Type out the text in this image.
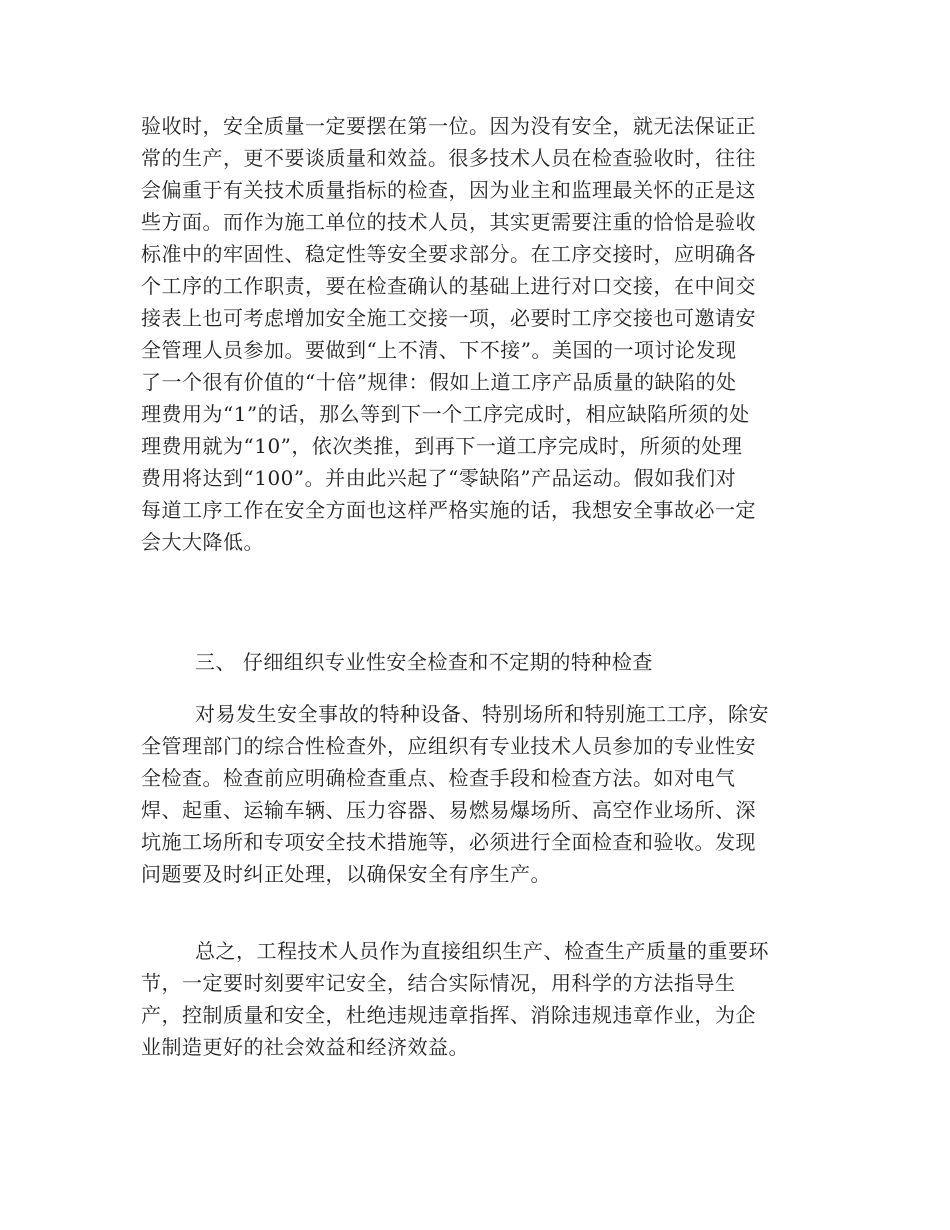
验收时，安全质量一定要摆在第一位。因为没有安全，就无法保证正
常的生产，更不要谈质量和效益。很多技术人员在检查验收时，往往
会偏重于有关技术质量指标的检查，因为业主和监理最关怀的正是这
些方面。而作为施工单位的技术人员，其实更需要注重的恰恰是验收
标准中的牢固性、稳定性等安全要求部分。在工序交接时，应明确各
个工序的工作职责，要在检查确认的基础上进行对口交接，在中间交
接表上也可考虑增加安全施工交接一项，必要时工序交接也可邀请安
全管理人员参加。要做到“上不清、下不接”。美国的一项讨论发现
了一个很有价值的“十倍”规律：假如上道工序产品质量的缺陷的处
理费用为“1”的话，那么等到下一个工序完成时，相应缺陷所须的处
理费用就为“10”，依次类推，到再下一道工序完成时，所须的处理
费用将达到“100”。并由此兴起了“零缺陷”产品运动。假如我们对
每道工序工作在安全方面也这样严格实施的话，我想安全事故必一定
会大大降低。
三、 仔细组织专业性安全检查和不定期的特种检查
对易发生安全事故的特种设备、特别场所和特别施工工序，除安
全管理部门的综合性检查外，应组织有专业技术人员参加的专业性安
全检查。检查前应明确检查重点、检查手段和检查方法。如对电气
焊、起重、运输车辆、压力容器、易燃易爆场所、高空作业场所、深
坑施工场所和专项安全技术措施等，必须进行全面检查和验收。发现
问题要及时纠正处理，以确保安全有序生产。
总之，工程技术人员作为直接组织生产、检查生产质量的重要环
节，一定要时刻要牢记安全，结合实际情况，用科学的方法指导生
产，控制质量和安全，杜绝违规违章指挥、消除违规违章作业，为企
业制造更好的社会效益和经济效益。
